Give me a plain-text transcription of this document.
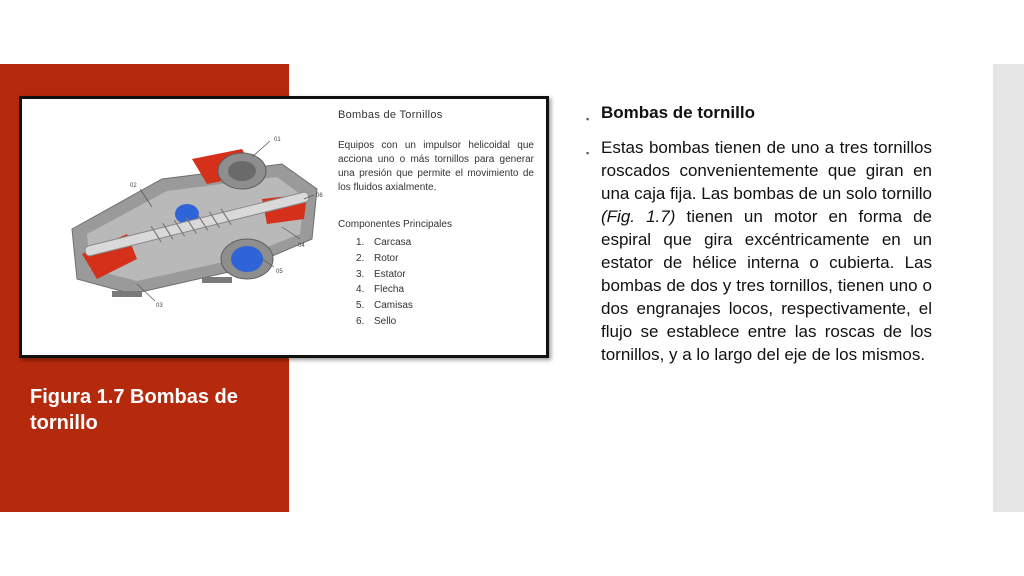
Figura 1.7 Bombas de tornillo
01
02
03
04
05
06
Bombas de Tornillos
Equipos con un impulsor helicoidal que acciona uno o más tornillos para generar una presión que permite el movimiento de los fluidos axialmente.
Componentes Principales
1. Carcasa
2. Rotor
3. Estator
4. Flecha
5. Camisas
6. Sello
▪ Bombas de tornillo
▪ Estas bombas tienen de uno a tres tornillos roscados convenientemente que giran en una caja fija. Las bombas de un solo tornillo (Fig. 1.7) tienen un motor en forma de espiral que gira excéntricamente en un estator de hélice interna o cubierta. Las bombas de dos y tres tornillos, tienen uno o dos engranajes locos, respectivamente, el flujo se establece entre las roscas de los tornillos, y a lo largo del eje de los mismos.
